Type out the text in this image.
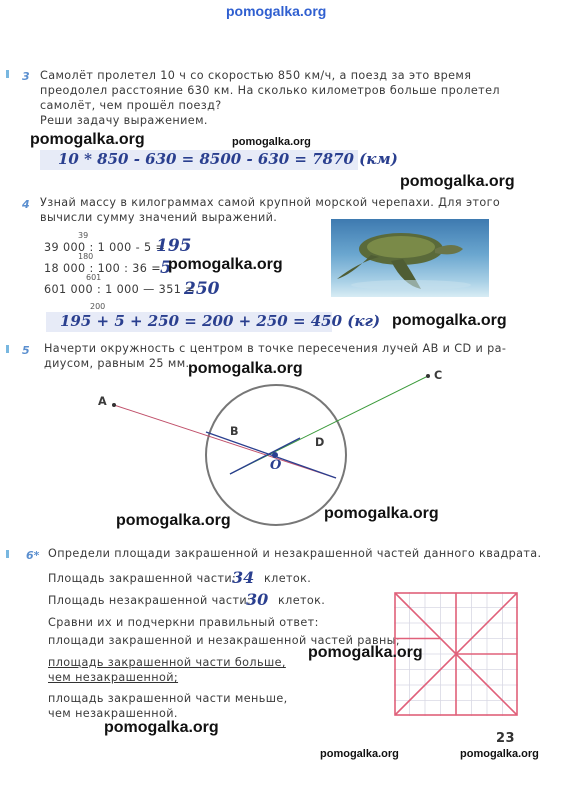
pomogalka.org
3 Самолёт пролетел 10 ч со скоростью 850 км/ч, а поезд за это время
преодолел расстояние 630 км. На сколько километров больше пролетел
самолёт, чем прошёл поезд?
Реши задачу выражением.
pomogalka.org	pomogalka.org
10 * 850 - 630 = 8500 - 630 = 7870 (км)
pomogalka.org
4 Узнай массу в килограммах самой крупной морской черепахи. Для этого
вычисли сумму значений выражений.
39
39 000 : 1 000 - 5 =
195
180
18 000 : 100 : 36 =
5
pomogalka.org
601
601 000 : 1 000 — 351 =
250
200
195 + 5 + 250 = 200 + 250 = 450 (кг) pomogalka.org
5 Начерти окружность с центром в точке пересечения лучей AB и CD и ра-
диусом, равным 25 мм.
pomogalka.org
A
B
C
D
O
pomogalka.org	pomogalka.org
6* Определи площади закрашенной и незакрашенной частей данного квадрата.
Площадь закрашенной части:
34 клеток.
Площадь незакрашенной части:
30 клеток.
Сравни их и подчеркни правильный ответ:
площади закрашенной и незакрашенной частей равны;
площадь закрашенной части больше,
чем незакрашенной;
площадь закрашенной части меньше,
чем незакрашенной.
pomogalka.org
pomogalka.org
23
pomogalka.org	pomogalka.org
